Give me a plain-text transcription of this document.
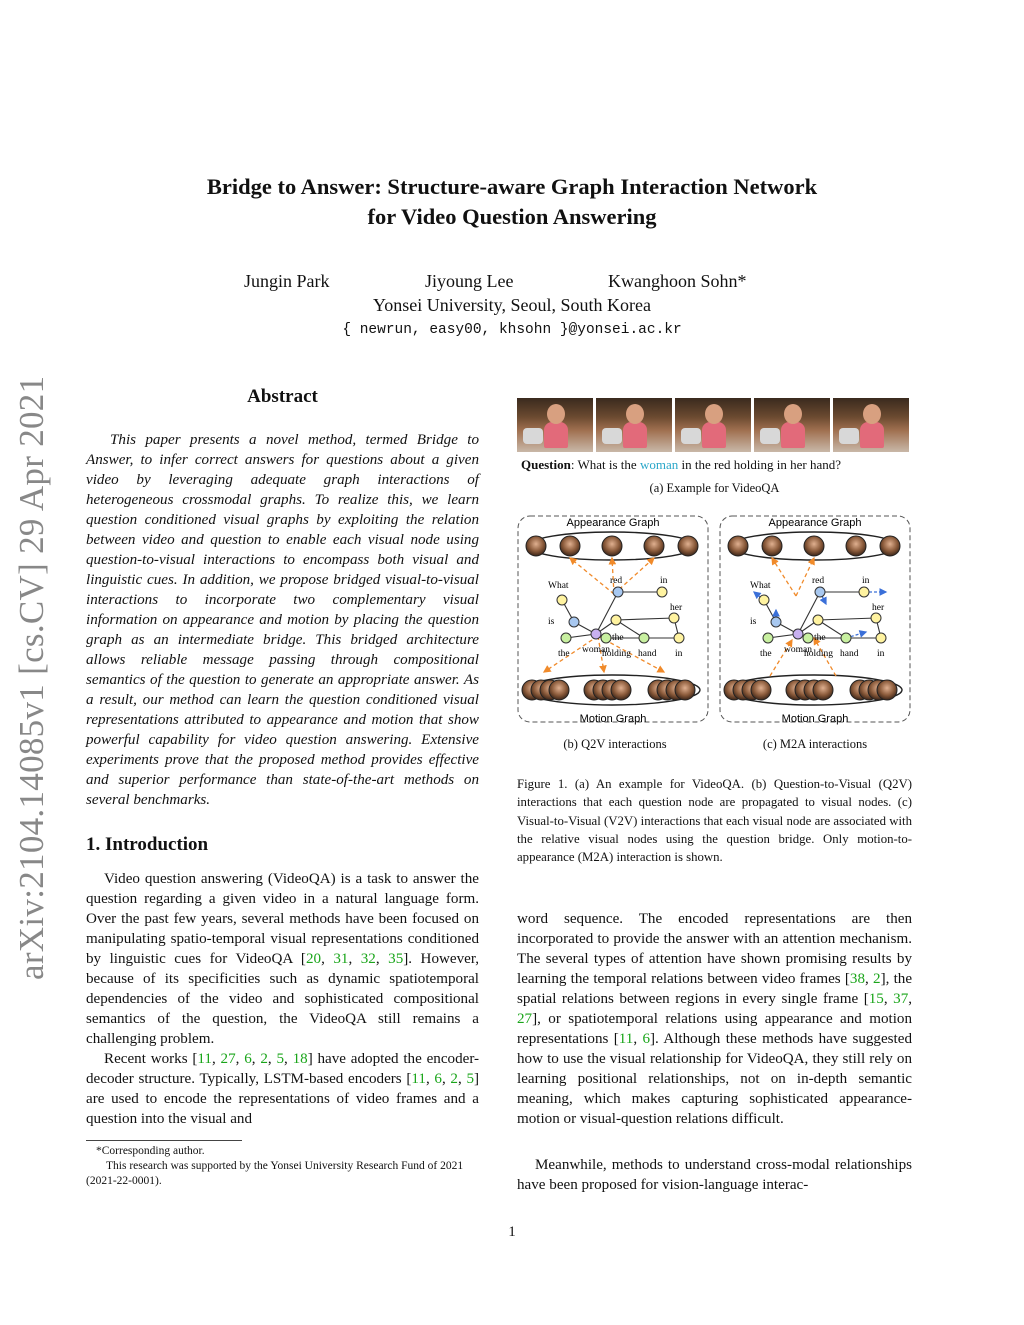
Bridge to Answer: Structure-aware Graph Interaction Network
for Video Question Answering
Jungin Park	Jiyoung Lee	Kwanghoon Sohn*
Yonsei University, Seoul, South Korea
{ newrun, easy00, khsohn }@yonsei.ac.kr
arXiv:2104.14085v1 [cs.CV] 29 Apr 2021	Abstract

This paper presents a novel method, termed Bridge to Answer, to infer correct answers for questions about a given video by leveraging adequate graph interactions of heterogeneous crossmodal graphs. To realize this, we learn question conditioned visual graphs by exploiting the relation between video and question to enable each visual node using question-to-visual interactions to encompass both visual and linguistic cues. In addition, we propose bridged visual-to-visual interactions to incorporate two complementary visual information on appearance and motion by placing the question graph as an intermediate bridge. This bridged architecture allows reliable message passing through compositional semantics of the question to generate an appropriate answer. As a result, our method can learn the question conditioned visual representations attributed to appearance and motion that show powerful capability for video question answering. Extensive experiments prove that the proposed method provides effective and superior performance than state-of-the-art methods on several benchmarks.

1. Introduction

Video question answering (VideoQA) is a task to answer the question regarding a given video in a natural language form. Over the past few years, several methods have been focused on manipulating spatio-temporal visual representations conditioned by linguistic cues for VideoQA [20, 31, 32, 35]. However, because of its specificities such as dynamic spatiotemporal dependencies of the video and sophisticated compositional semantics of the question, the VideoQA still remains a challenging problem.

Recent works [11, 27, 6, 2, 5, 18] have adopted the encoder-decoder structure. Typically, LSTM-based encoders [11, 6, 2, 5] are used to encode the representations of video frames and a question into the visual and

*Corresponding author.

This research was supported by the Yonsei University Research Fund of 2021 (2021-22-0001).

Question: What is the woman in the red holding in her hand?
(a) Example for VideoQA
Appearance Graph
Motion Graph
What	red	in
is
her
the
woman
the	holding hand in
Appearance Graph
Motion Graph
What	red	in
is
her
the
woman
the	holding hand in
(b) Q2V interactions	(c) M2A interactions

Figure 1. (a) An example for VideoQA. (b) Question-to-Visual (Q2V) interactions that each question node are propagated to visual nodes. (c) Visual-to-Visual (V2V) interactions that each visual node are associated with the relative visual nodes using the question bridge. Only motion-to-appearance (M2A) interaction is shown.

word sequence. The encoded representations are then incorporated to provide the answer with an attention mechanism. The several types of attention have shown promising results by learning the temporal relations between video frames [38, 2], the spatial relations between regions in every single frame [15, 37, 27], or spatiotemporal relations using appearance and motion representations [11, 6]. Although these methods have suggested how to use the visual relationship for VideoQA, they still rely on learning positional relationships, not on in-depth semantic meaning, which makes capturing sophisticated appearance-motion or visual-question relations difficult.

Meanwhile, methods to understand cross-modal relationships have been proposed for vision-language interac-

1
